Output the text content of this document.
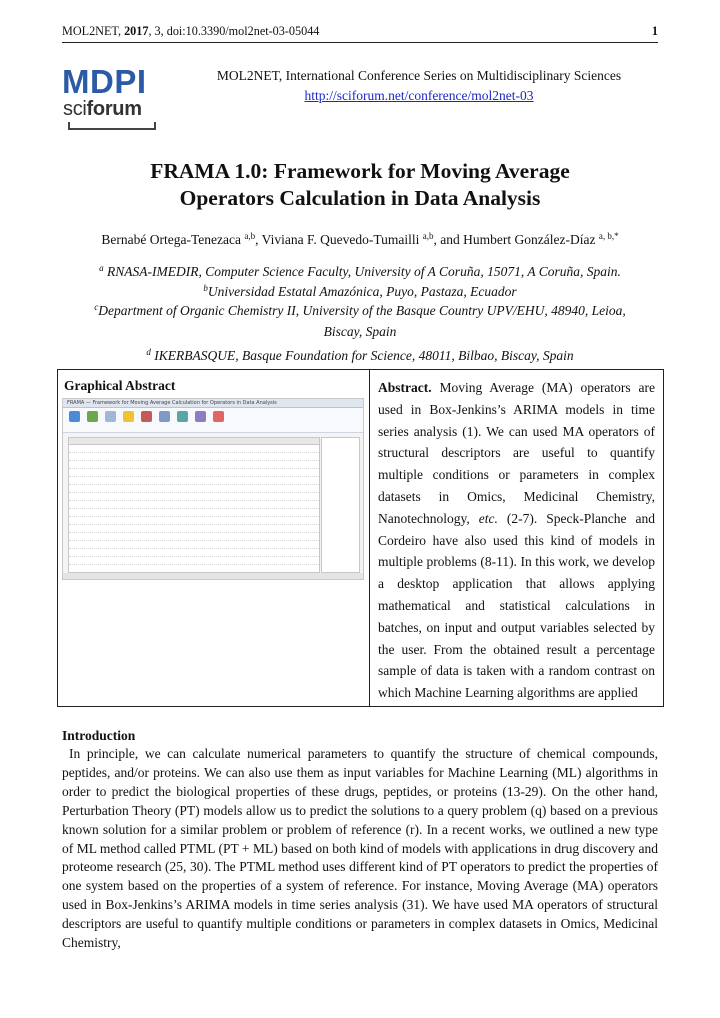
MOL2NET, 2017, 3, doi:10.3390/mol2net-03-05044	1
MDPI
sciforum
MOL2NET, International Conference Series on Multidisciplinary Sciences
http://sciforum.net/conference/mol2net-03
FRAMA 1.0: Framework for Moving Average
Operators Calculation in Data Analysis
Bernabé Ortega-Tenezaca $^{a,b}$, Viviana F. Quevedo-Tumailli $^{a,b}$, and Humbert González-Díaz $^{a, b,*}$
$^a$ RNASA-IMEDIR, Computer Science Faculty, University of A Coruña, 15071, A Coruña, Spain.
$^b$Universidad Estatal Amazónica, Puyo, Pastaza, Ecuador
$^c$Department of Organic Chemistry II, University of the Basque Country UPV/EHU, 48940, Leioa,
Biscay, Spain
$^d$ IKERBASQUE, Basque Foundation for Science, 48011, Bilbao, Biscay, Spain
Graphical Abstract
FRAMA — Framework for Moving Average Calculation for Operators in Data Analysis
Abstract. Moving Average (MA) operators are used in Box-Jenkins’s ARIMA models in time series analysis (1). We can used MA operators of structural descriptors are useful to quantify multiple conditions or parameters in complex datasets in Omics, Medicinal Chemistry, Nanotechnology, etc. (2-7). Speck-Planche and Cordeiro have also used this kind of models in multiple problems (8-11). In this work, we develop a desktop application that allows applying mathematical and statistical calculations in batches, on input and output variables selected by the user. From the obtained result a percentage sample of data is taken with a random contrast on which Machine Learning algorithms are applied
Introduction
In principle, we can calculate numerical parameters to quantify the structure of chemical compounds, peptides, and/or proteins. We can also use them as input variables for Machine Learning (ML) algorithms in order to predict the biological properties of these drugs, peptides, or proteins (13-29). On the other hand, Perturbation Theory (PT) models allow us to predict the solutions to a query problem (q) based on a previous known solution for a similar problem or problem of reference (r). In a recent works, we outlined a new type of ML method called PTML (PT + ML) based on both kind of models with applications in drug discovery and proteome research (25, 30). The PTML method uses different kind of PT operators to predict the properties of one system based on the properties of a system of reference. For instance, Moving Average (MA) operators used in Box-Jenkins’s ARIMA models in time series analysis (31). We have used MA operators of structural descriptors are useful to quantify multiple conditions or parameters in complex datasets in Omics, Medicinal Chemistry,
